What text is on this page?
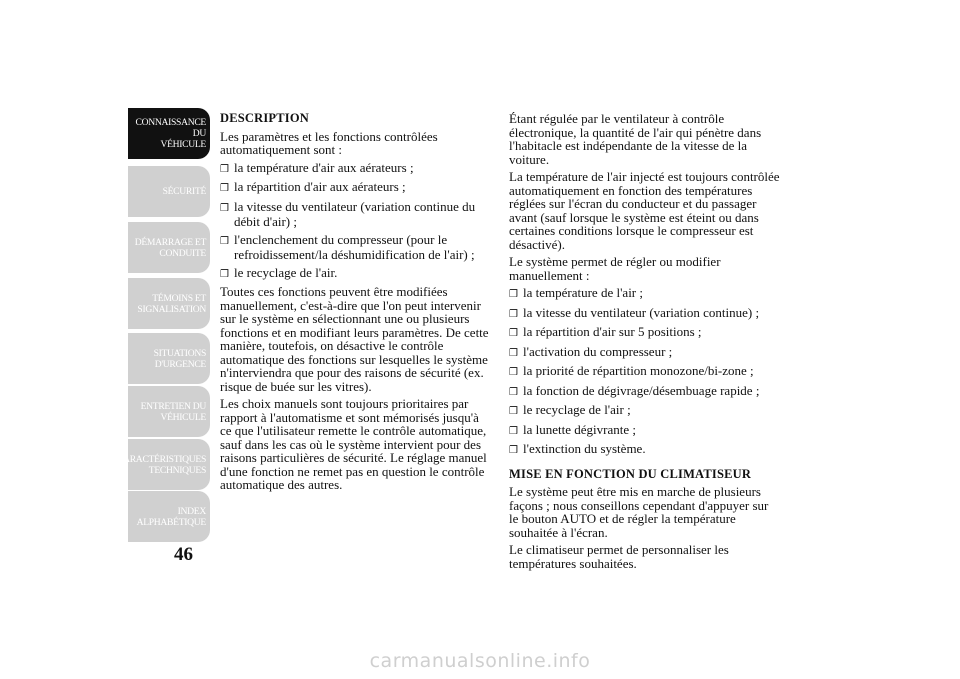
CONNAISSANCE DU
VÉHICULE
SÉCURITÉ
DÉMARRAGE ET
CONDUITE
TÉMOINS ET
SIGNALISATION
SITUATIONS
D'URGENCE
ENTRETIEN DU
VÉHICULE
CARACTÉRISTIQUES
TECHNIQUES
INDEX
ALPHABÉTIQUE
46
DESCRIPTION
Les paramètres et les fonctions contrôlées automatiquement sont :
❒ la température d'air aux aérateurs ;
❒ la répartition d'air aux aérateurs ;
❒ la vitesse du ventilateur (variation continue du débit d'air) ;
❒ l'enclenchement du compresseur (pour le refroidissement/la déshumidification de l'air) ;
❒ le recyclage de l'air.
Toutes ces fonctions peuvent être modifiées manuellement, c'est-à-dire que l'on peut intervenir sur le système en sélectionnant une ou plusieurs fonctions et en modifiant leurs paramètres. De cette manière, toutefois, on désactive le contrôle automatique des fonctions sur lesquelles le système n'interviendra que pour des raisons de sécurité (ex. risque de buée sur les vitres).
Les choix manuels sont toujours prioritaires par rapport à l'automatisme et sont mémorisés jusqu'à ce que l'utilisateur remette le contrôle automatique, sauf dans les cas où le système intervient pour des raisons particulières de sécurité. Le réglage manuel d'une fonction ne remet pas en question le contrôle automatique des autres.
Étant régulée par le ventilateur à contrôle électronique, la quantité de l'air qui pénètre dans l'habitacle est indépendante de la vitesse de la voiture.
La température de l'air injecté est toujours contrôlée automatiquement en fonction des températures réglées sur l'écran du conducteur et du passager avant (sauf lorsque le système est éteint ou dans certaines conditions lorsque le compresseur est désactivé).
Le système permet de régler ou modifier manuellement :
❒ la température de l'air ;
❒ la vitesse du ventilateur (variation continue) ;
❒ la répartition d'air sur 5 positions ;
❒ l'activation du compresseur ;
❒ la priorité de répartition monozone/bi-zone ;
❒ la fonction de dégivrage/désembuage rapide ;
❒ le recyclage de l'air ;
❒ la lunette dégivrante ;
❒ l'extinction du système.
MISE EN FONCTION DU CLIMATISEUR
Le système peut être mis en marche de plusieurs façons ; nous conseillons cependant d'appuyer sur le bouton AUTO et de régler la température souhaitée à l'écran.
Le climatiseur permet de personnaliser les températures souhaitées.
carmanualsonline.info
